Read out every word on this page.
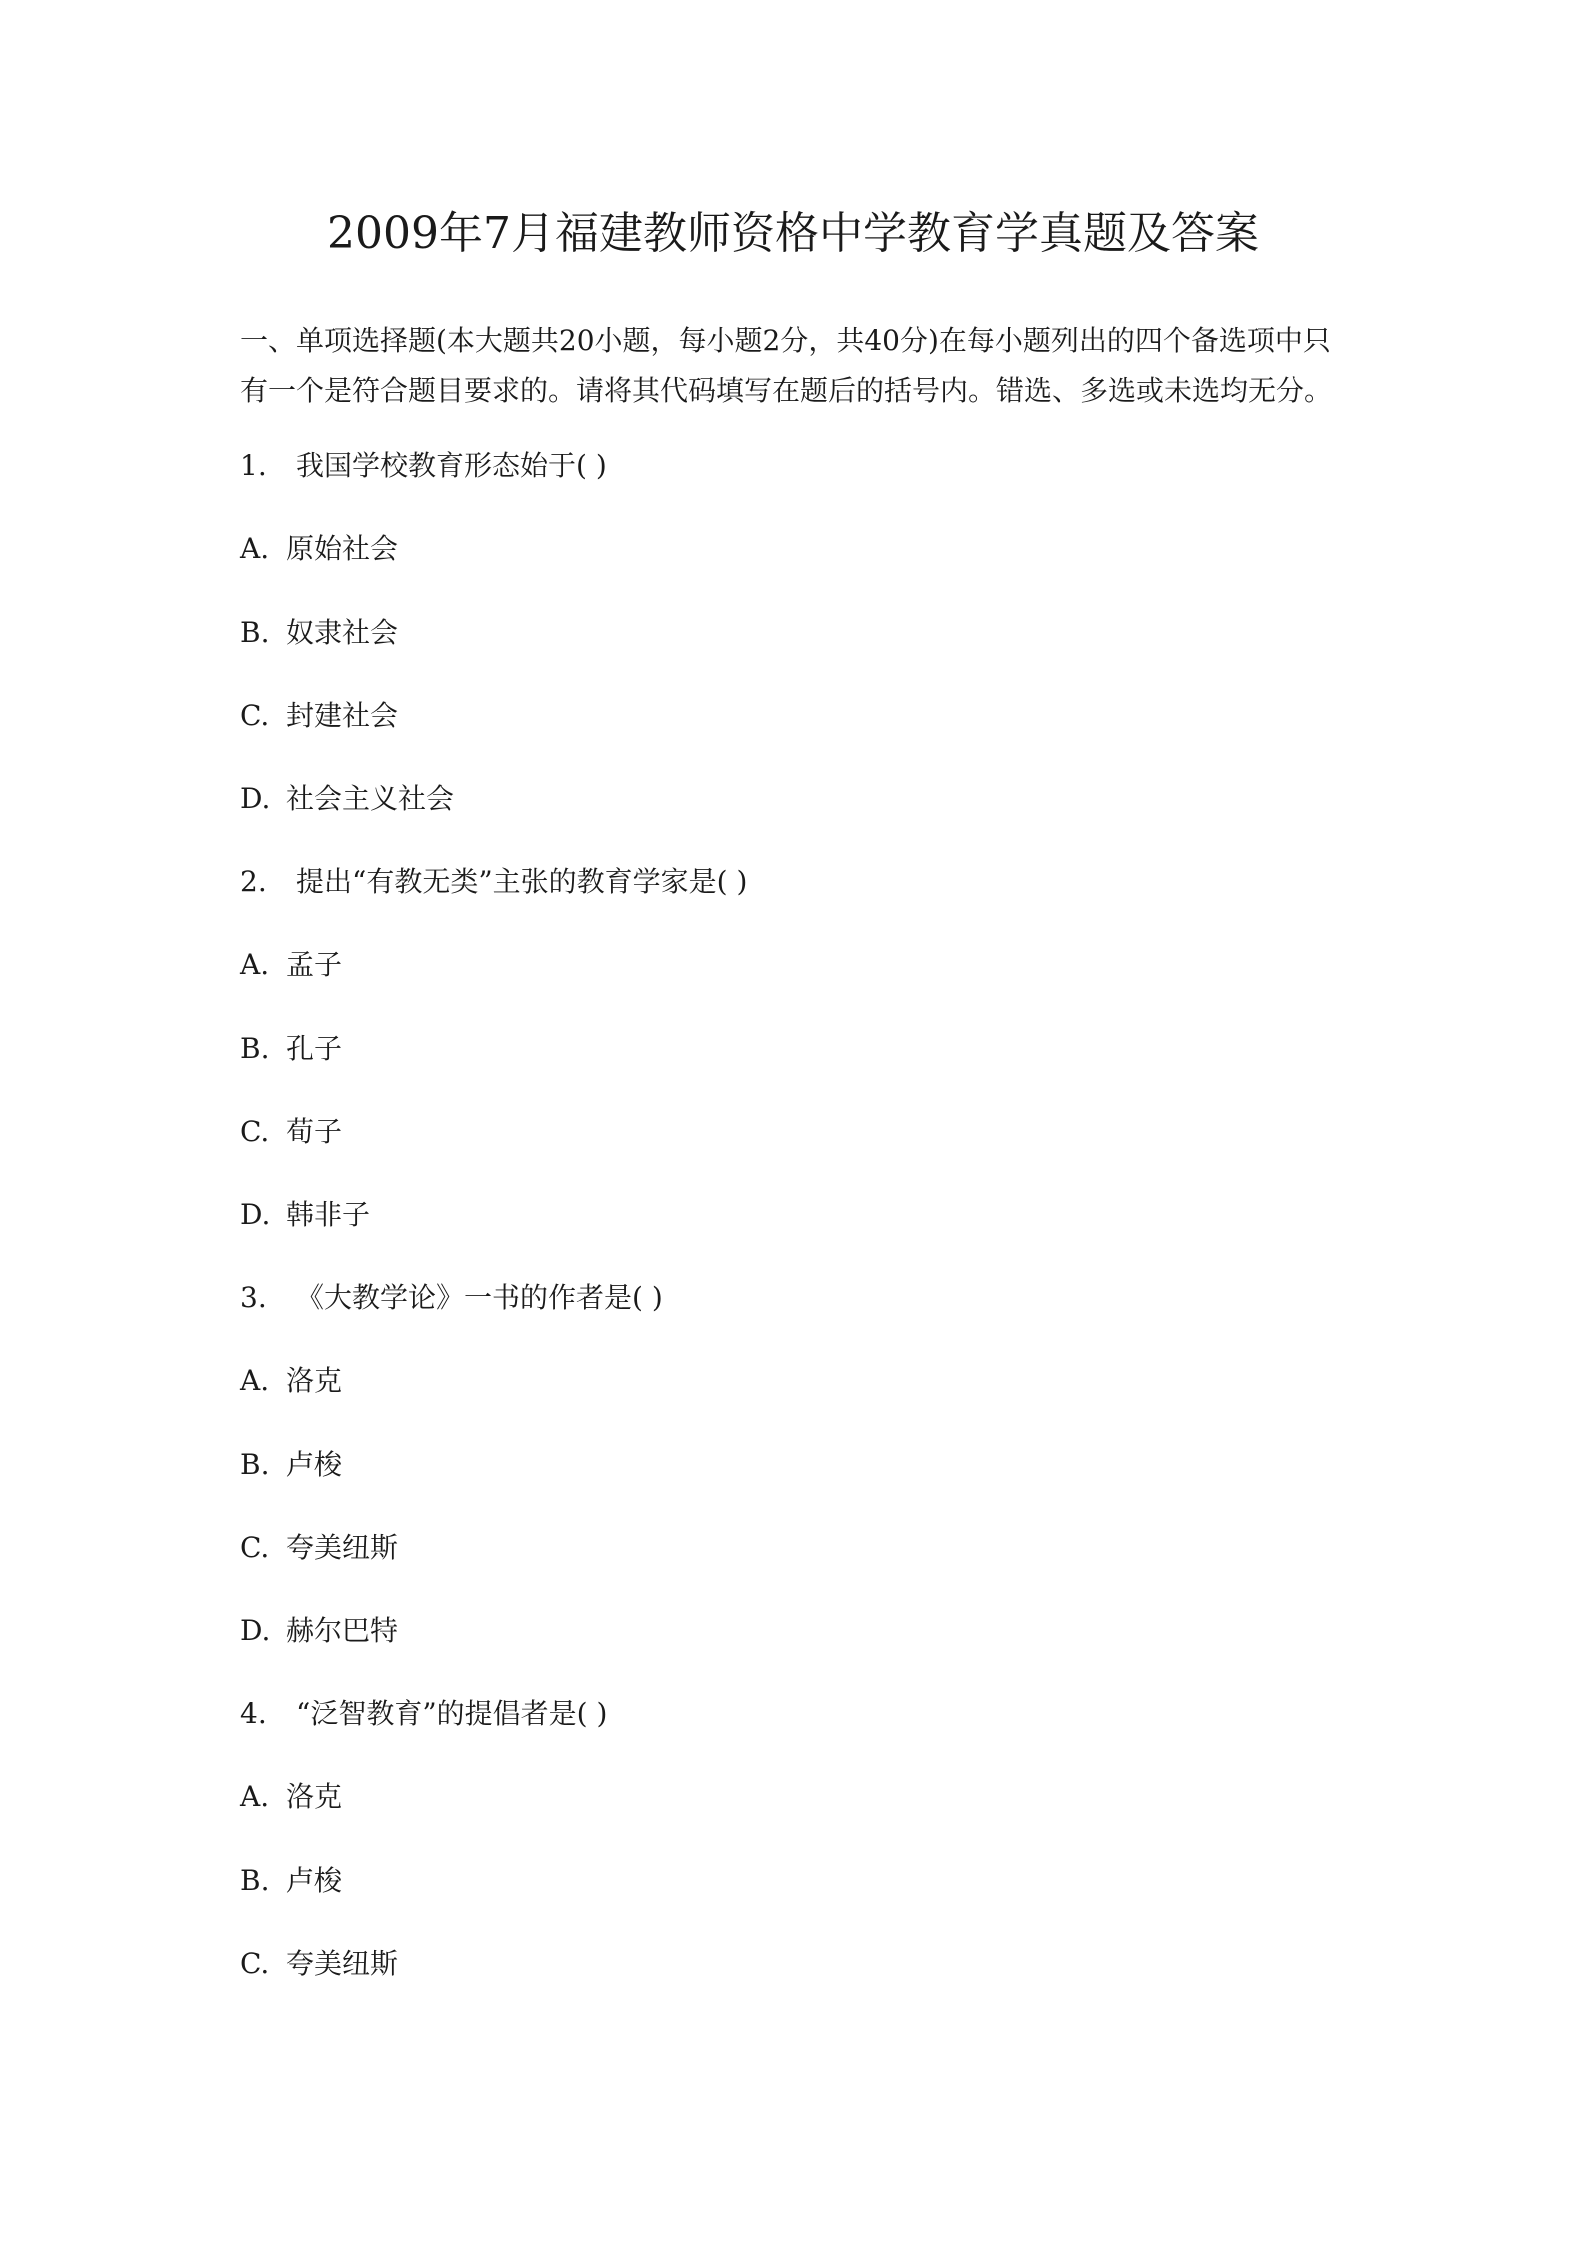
2009年7月福建教师资格中学教育学真题及答案
一、单项选择题(本大题共20小题，每小题2分，共40分)在每小题列出的四个备选项中只
有一个是符合题目要求的。请将其代码填写在题后的括号内。错选、多选或未选均无分。
1. 我国学校教育形态始于( )
A. 原始社会
B. 奴隶社会
C. 封建社会
D. 社会主义社会
2. 提出“有教无类”主张的教育学家是( )
A. 孟子
B. 孔子
C. 荀子
D. 韩非子
3. 《大教学论》一书的作者是( )
A. 洛克
B. 卢梭
C. 夸美纽斯
D. 赫尔巴特
4. “泛智教育”的提倡者是( )
A. 洛克
B. 卢梭
C. 夸美纽斯
